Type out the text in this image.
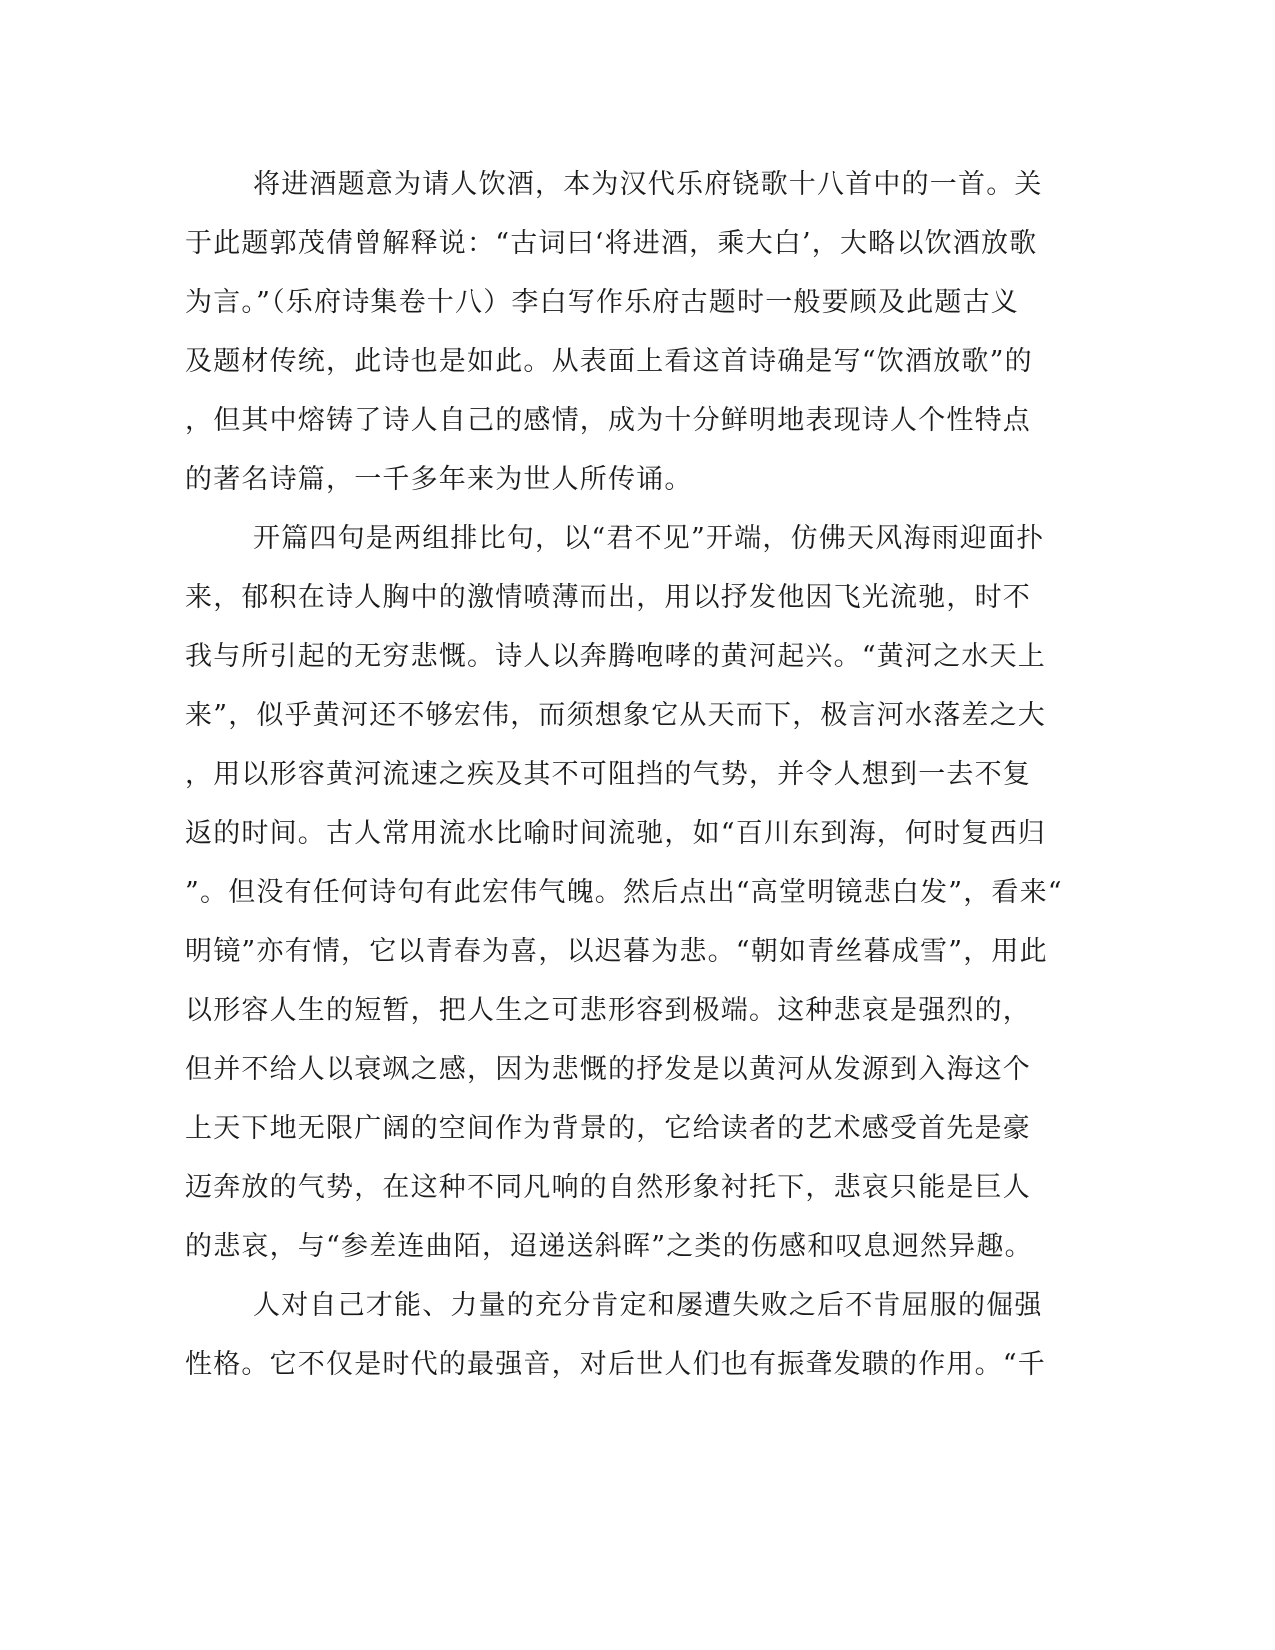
将进酒题意为请人饮酒，本为汉代乐府铙歌十八首中的一首。关
于此题郭茂倩曾解释说：“古词曰‘将进酒，乘大白’，大略以饮酒放歌
为言。”（乐府诗集卷十八）李白写作乐府古题时一般要顾及此题古义
及题材传统，此诗也是如此。从表面上看这首诗确是写“饮酒放歌”的
，但其中熔铸了诗人自己的感情，成为十分鲜明地表现诗人个性特点
的著名诗篇，一千多年来为世人所传诵。
开篇四句是两组排比句，以“君不见”开端，仿佛天风海雨迎面扑
来，郁积在诗人胸中的激情喷薄而出，用以抒发他因飞光流驰，时不
我与所引起的无穷悲慨。诗人以奔腾咆哮的黄河起兴。“黄河之水天上
来”，似乎黄河还不够宏伟，而须想象它从天而下，极言河水落差之大
，用以形容黄河流速之疾及其不可阻挡的气势，并令人想到一去不复
返的时间。古人常用流水比喻时间流驰，如“百川东到海，何时复西归
”。但没有任何诗句有此宏伟气魄。然后点出“高堂明镜悲白发”，看来“
明镜”亦有情，它以青春为喜，以迟暮为悲。“朝如青丝暮成雪”，用此
以形容人生的短暂，把人生之可悲形容到极端。这种悲哀是强烈的，
但并不给人以衰飒之感，因为悲慨的抒发是以黄河从发源到入海这个
上天下地无限广阔的空间作为背景的，它给读者的艺术感受首先是豪
迈奔放的气势，在这种不同凡响的自然形象衬托下，悲哀只能是巨人
的悲哀，与“参差连曲陌，迢递送斜晖”之类的伤感和叹息迥然异趣。
人对自己才能、力量的充分肯定和屡遭失败之后不肯屈服的倔强
性格。它不仅是时代的最强音，对后世人们也有振聋发聩的作用。“千
